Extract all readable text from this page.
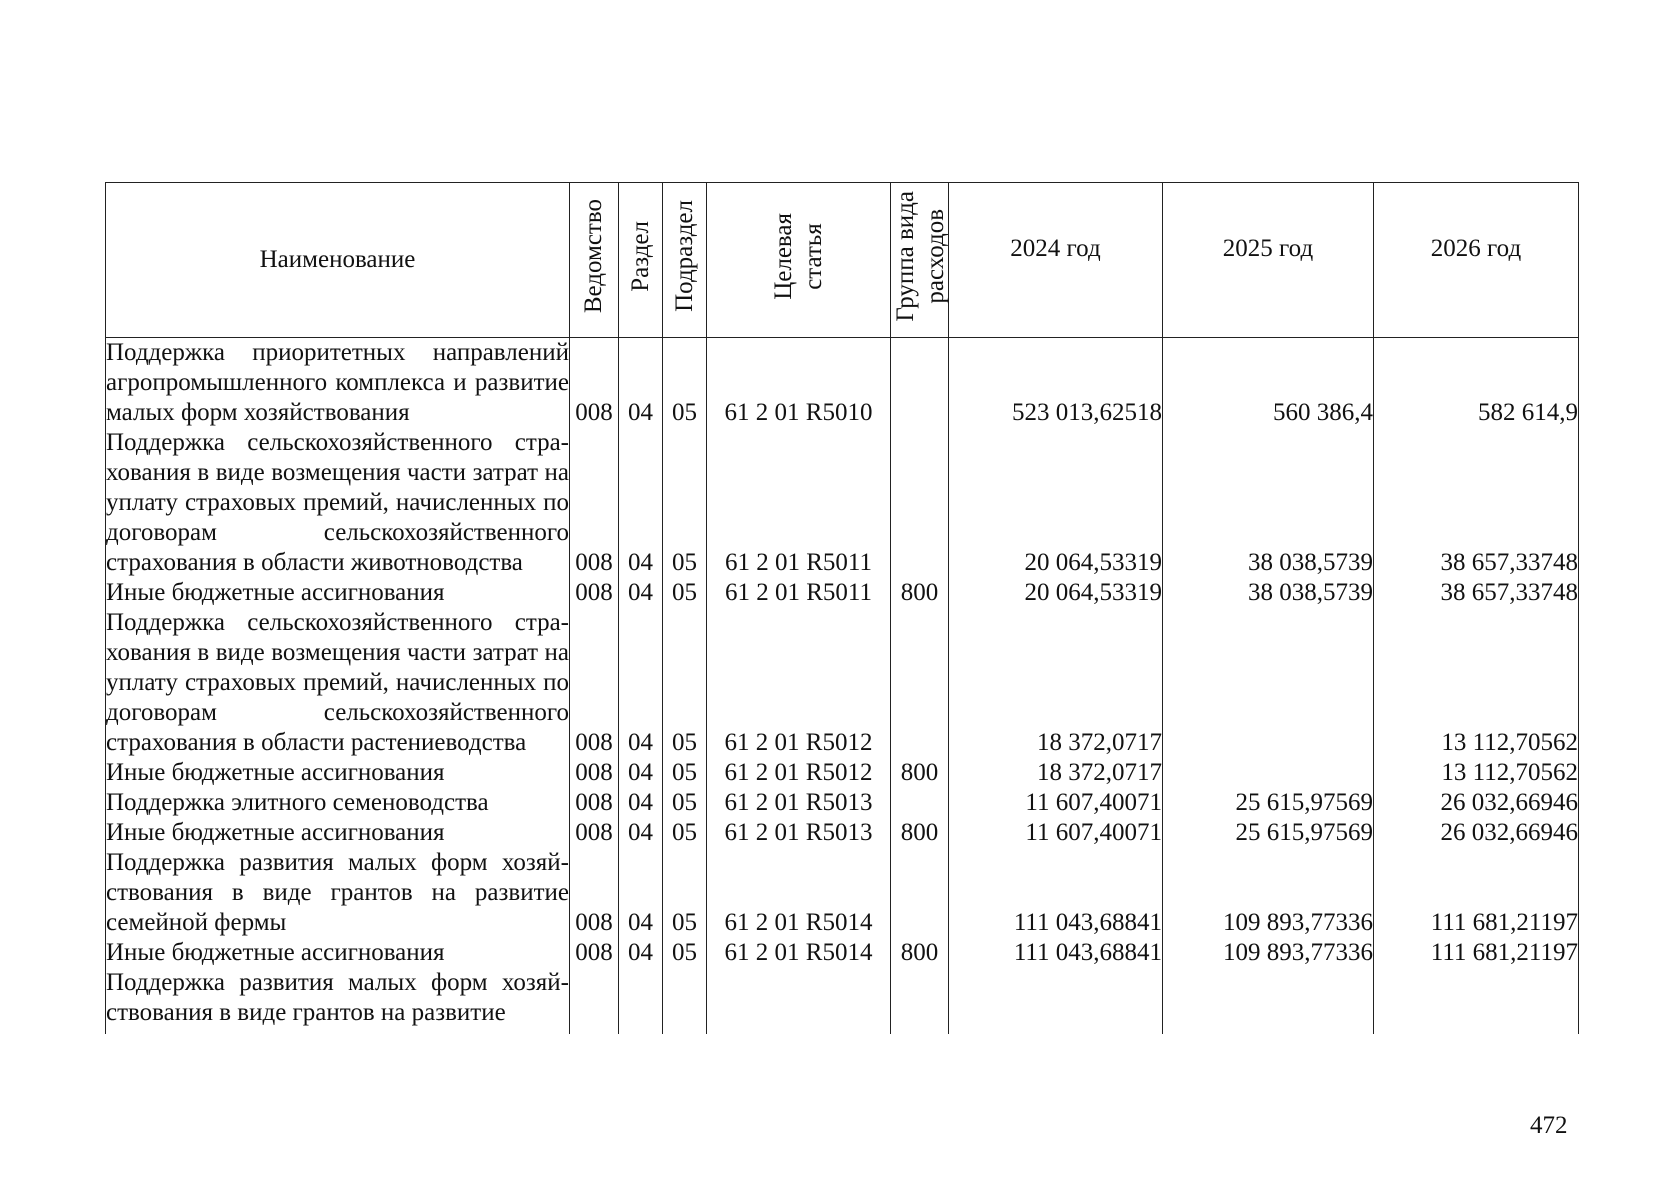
Наименование	Ведомство	Раздел	Подраздел	Целевая статья	Группа вида расходов	2024 год	2025 год	2026 год

Поддержка приоритетных направлений агропромышленного комплекса и развитие малых форм хозяйствования	008	04	05	61 2 01 R5010		523 013,62518	560 386,4	582 614,9
Поддержка сельскохозяйственного страхования в виде возмещения части затрат на уплату страховых премий, начисленных по договорам сельскохозяйственного страхования в области животноводства	008	04	05	61 2 01 R5011		20 064,53319	38 038,5739	38 657,33748
Иные бюджетные ассигнования	008	04	05	61 2 01 R5011	800	20 064,53319	38 038,5739	38 657,33748
Поддержка сельскохозяйственного страхования в виде возмещения части затрат на уплату страховых премий, начисленных по договорам сельскохозяйственного страхования в области растениеводства	008	04	05	61 2 01 R5012		18 372,0717		13 112,70562
Иные бюджетные ассигнования	008	04	05	61 2 01 R5012	800	18 372,0717		13 112,70562
Поддержка элитного семеноводства	008	04	05	61 2 01 R5013		11 607,40071	25 615,97569	26 032,66946
Иные бюджетные ассигнования	008	04	05	61 2 01 R5013	800	11 607,40071	25 615,97569	26 032,66946
Поддержка развития малых форм хозяйствования в виде грантов на развитие семейной фермы	008	04	05	61 2 01 R5014		111 043,68841	109 893,77336	111 681,21197
Иные бюджетные ассигнования	008	04	05	61 2 01 R5014	800	111 043,68841	109 893,77336	111 681,21197
Поддержка развития малых форм хозяйствования в виде грантов на развитие								
472
